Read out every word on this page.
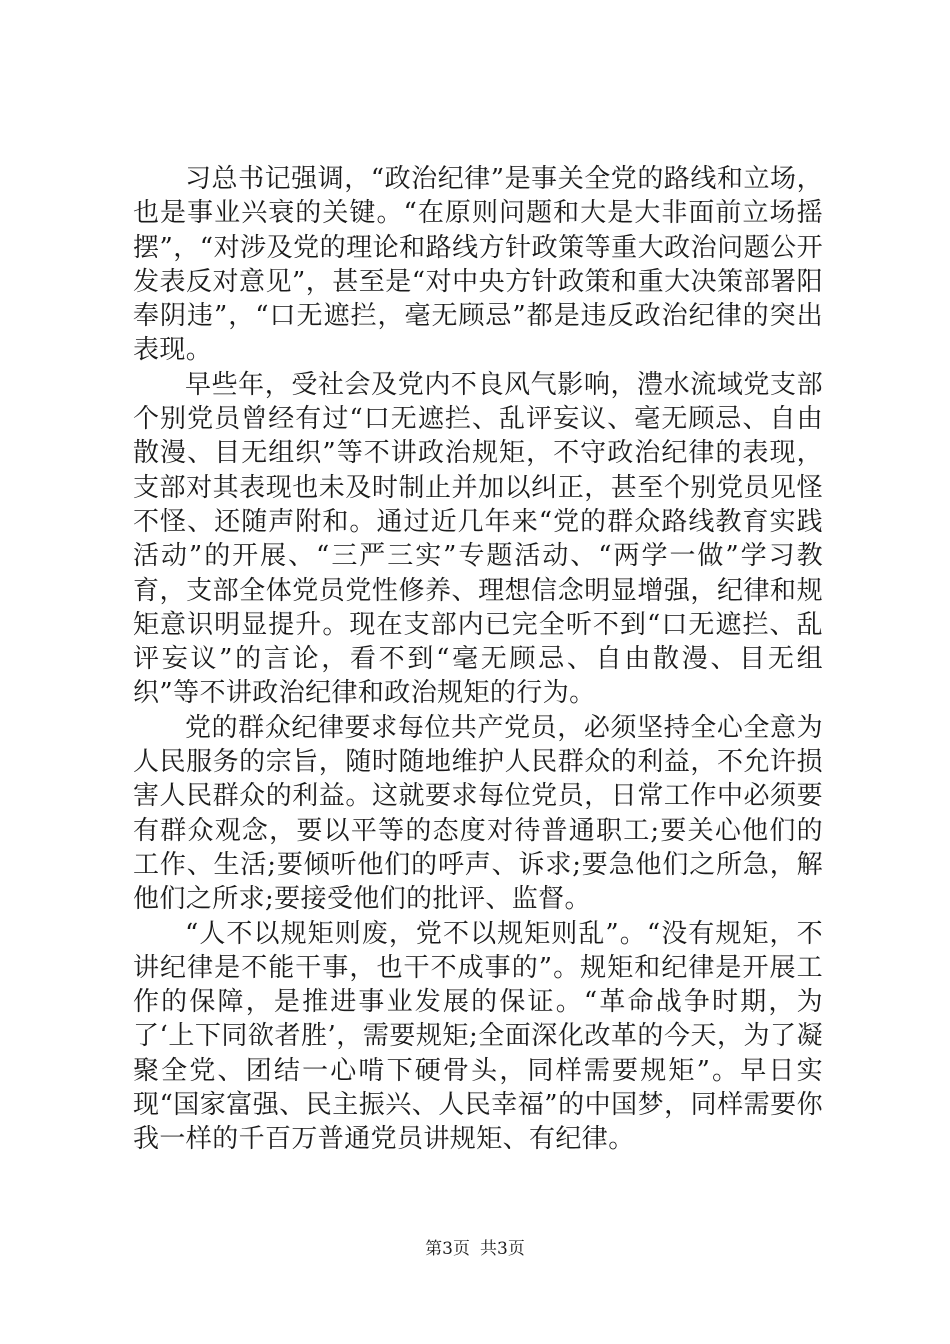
习总书记强调，“政治纪律”是事关全党的路线和立场，也是事业兴衰的关键。“在原则问题和大是大非面前立场摇摆”，“对涉及党的理论和路线方针政策等重大政治问题公开发表反对意见”，甚至是“对中央方针政策和重大决策部署阳奉阴违”，“口无遮拦，毫无顾忌”都是违反政治纪律的突出表现。

早些年，受社会及党内不良风气影响，澧水流域党支部个别党员曾经有过“口无遮拦、乱评妄议、毫无顾忌、自由散漫、目无组织”等不讲政治规矩，不守政治纪律的表现，支部对其表现也未及时制止并加以纠正，甚至个别党员见怪不怪、还随声附和。通过近几年来“党的群众路线教育实践活动”的开展、“三严三实”专题活动、“两学一做”学习教育，支部全体党员党性修养、理想信念明显增强，纪律和规矩意识明显提升。现在支部内已完全听不到“口无遮拦、乱评妄议”的言论，看不到“毫无顾忌、自由散漫、目无组织”等不讲政治纪律和政治规矩的行为。

党的群众纪律要求每位共产党员，必须坚持全心全意为人民服务的宗旨，随时随地维护人民群众的利益，不允许损害人民群众的利益。这就要求每位党员，日常工作中必须要有群众观念，要以平等的态度对待普通职工;要关心他们的工作、生活;要倾听他们的呼声、诉求;要急他们之所急，解他们之所求;要接受他们的批评、监督。

“人不以规矩则废，党不以规矩则乱”。“没有规矩，不讲纪律是不能干事，也干不成事的”。规矩和纪律是开展工作的保障，是推进事业发展的保证。“革命战争时期，为了‘上下同欲者胜’，需要规矩;全面深化改革的今天，为了凝聚全党、团结一心啃下硬骨头，同样需要规矩”。早日实现“国家富强、民主振兴、人民幸福”的中国梦，同样需要你我一样的千百万普通党员讲规矩、有纪律。

第3页 共3页
